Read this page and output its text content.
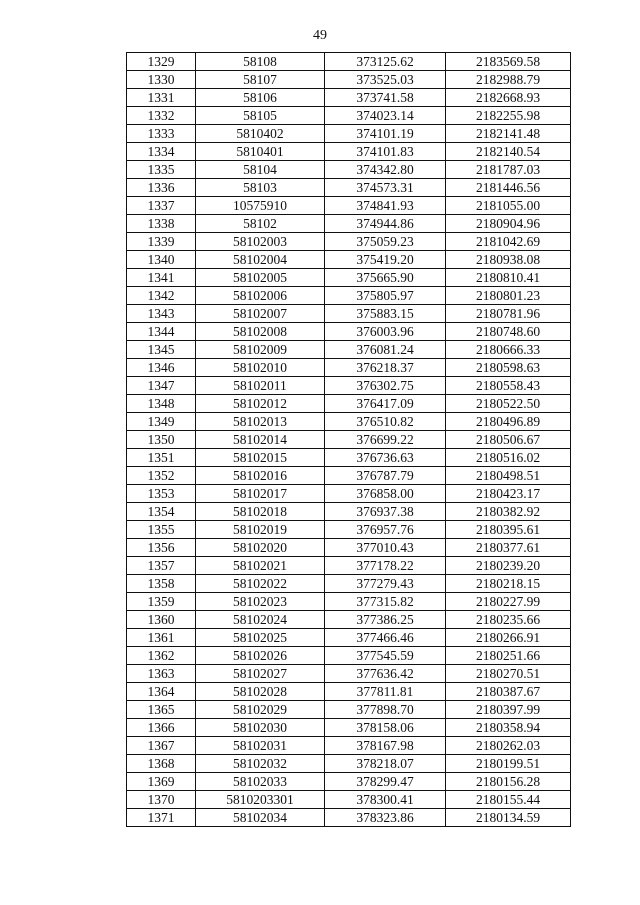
49
1329	58108	373125.62	2183569.58
1330	58107	373525.03	2182988.79
1331	58106	373741.58	2182668.93
1332	58105	374023.14	2182255.98
1333	5810402	374101.19	2182141.48
1334	5810401	374101.83	2182140.54
1335	58104	374342.80	2181787.03
1336	58103	374573.31	2181446.56
1337	10575910	374841.93	2181055.00
1338	58102	374944.86	2180904.96
1339	58102003	375059.23	2181042.69
1340	58102004	375419.20	2180938.08
1341	58102005	375665.90	2180810.41
1342	58102006	375805.97	2180801.23
1343	58102007	375883.15	2180781.96
1344	58102008	376003.96	2180748.60
1345	58102009	376081.24	2180666.33
1346	58102010	376218.37	2180598.63
1347	58102011	376302.75	2180558.43
1348	58102012	376417.09	2180522.50
1349	58102013	376510.82	2180496.89
1350	58102014	376699.22	2180506.67
1351	58102015	376736.63	2180516.02
1352	58102016	376787.79	2180498.51
1353	58102017	376858.00	2180423.17
1354	58102018	376937.38	2180382.92
1355	58102019	376957.76	2180395.61
1356	58102020	377010.43	2180377.61
1357	58102021	377178.22	2180239.20
1358	58102022	377279.43	2180218.15
1359	58102023	377315.82	2180227.99
1360	58102024	377386.25	2180235.66
1361	58102025	377466.46	2180266.91
1362	58102026	377545.59	2180251.66
1363	58102027	377636.42	2180270.51
1364	58102028	377811.81	2180387.67
1365	58102029	377898.70	2180397.99
1366	58102030	378158.06	2180358.94
1367	58102031	378167.98	2180262.03
1368	58102032	378218.07	2180199.51
1369	58102033	378299.47	2180156.28
1370	5810203301	378300.41	2180155.44
1371	58102034	378323.86	2180134.59
